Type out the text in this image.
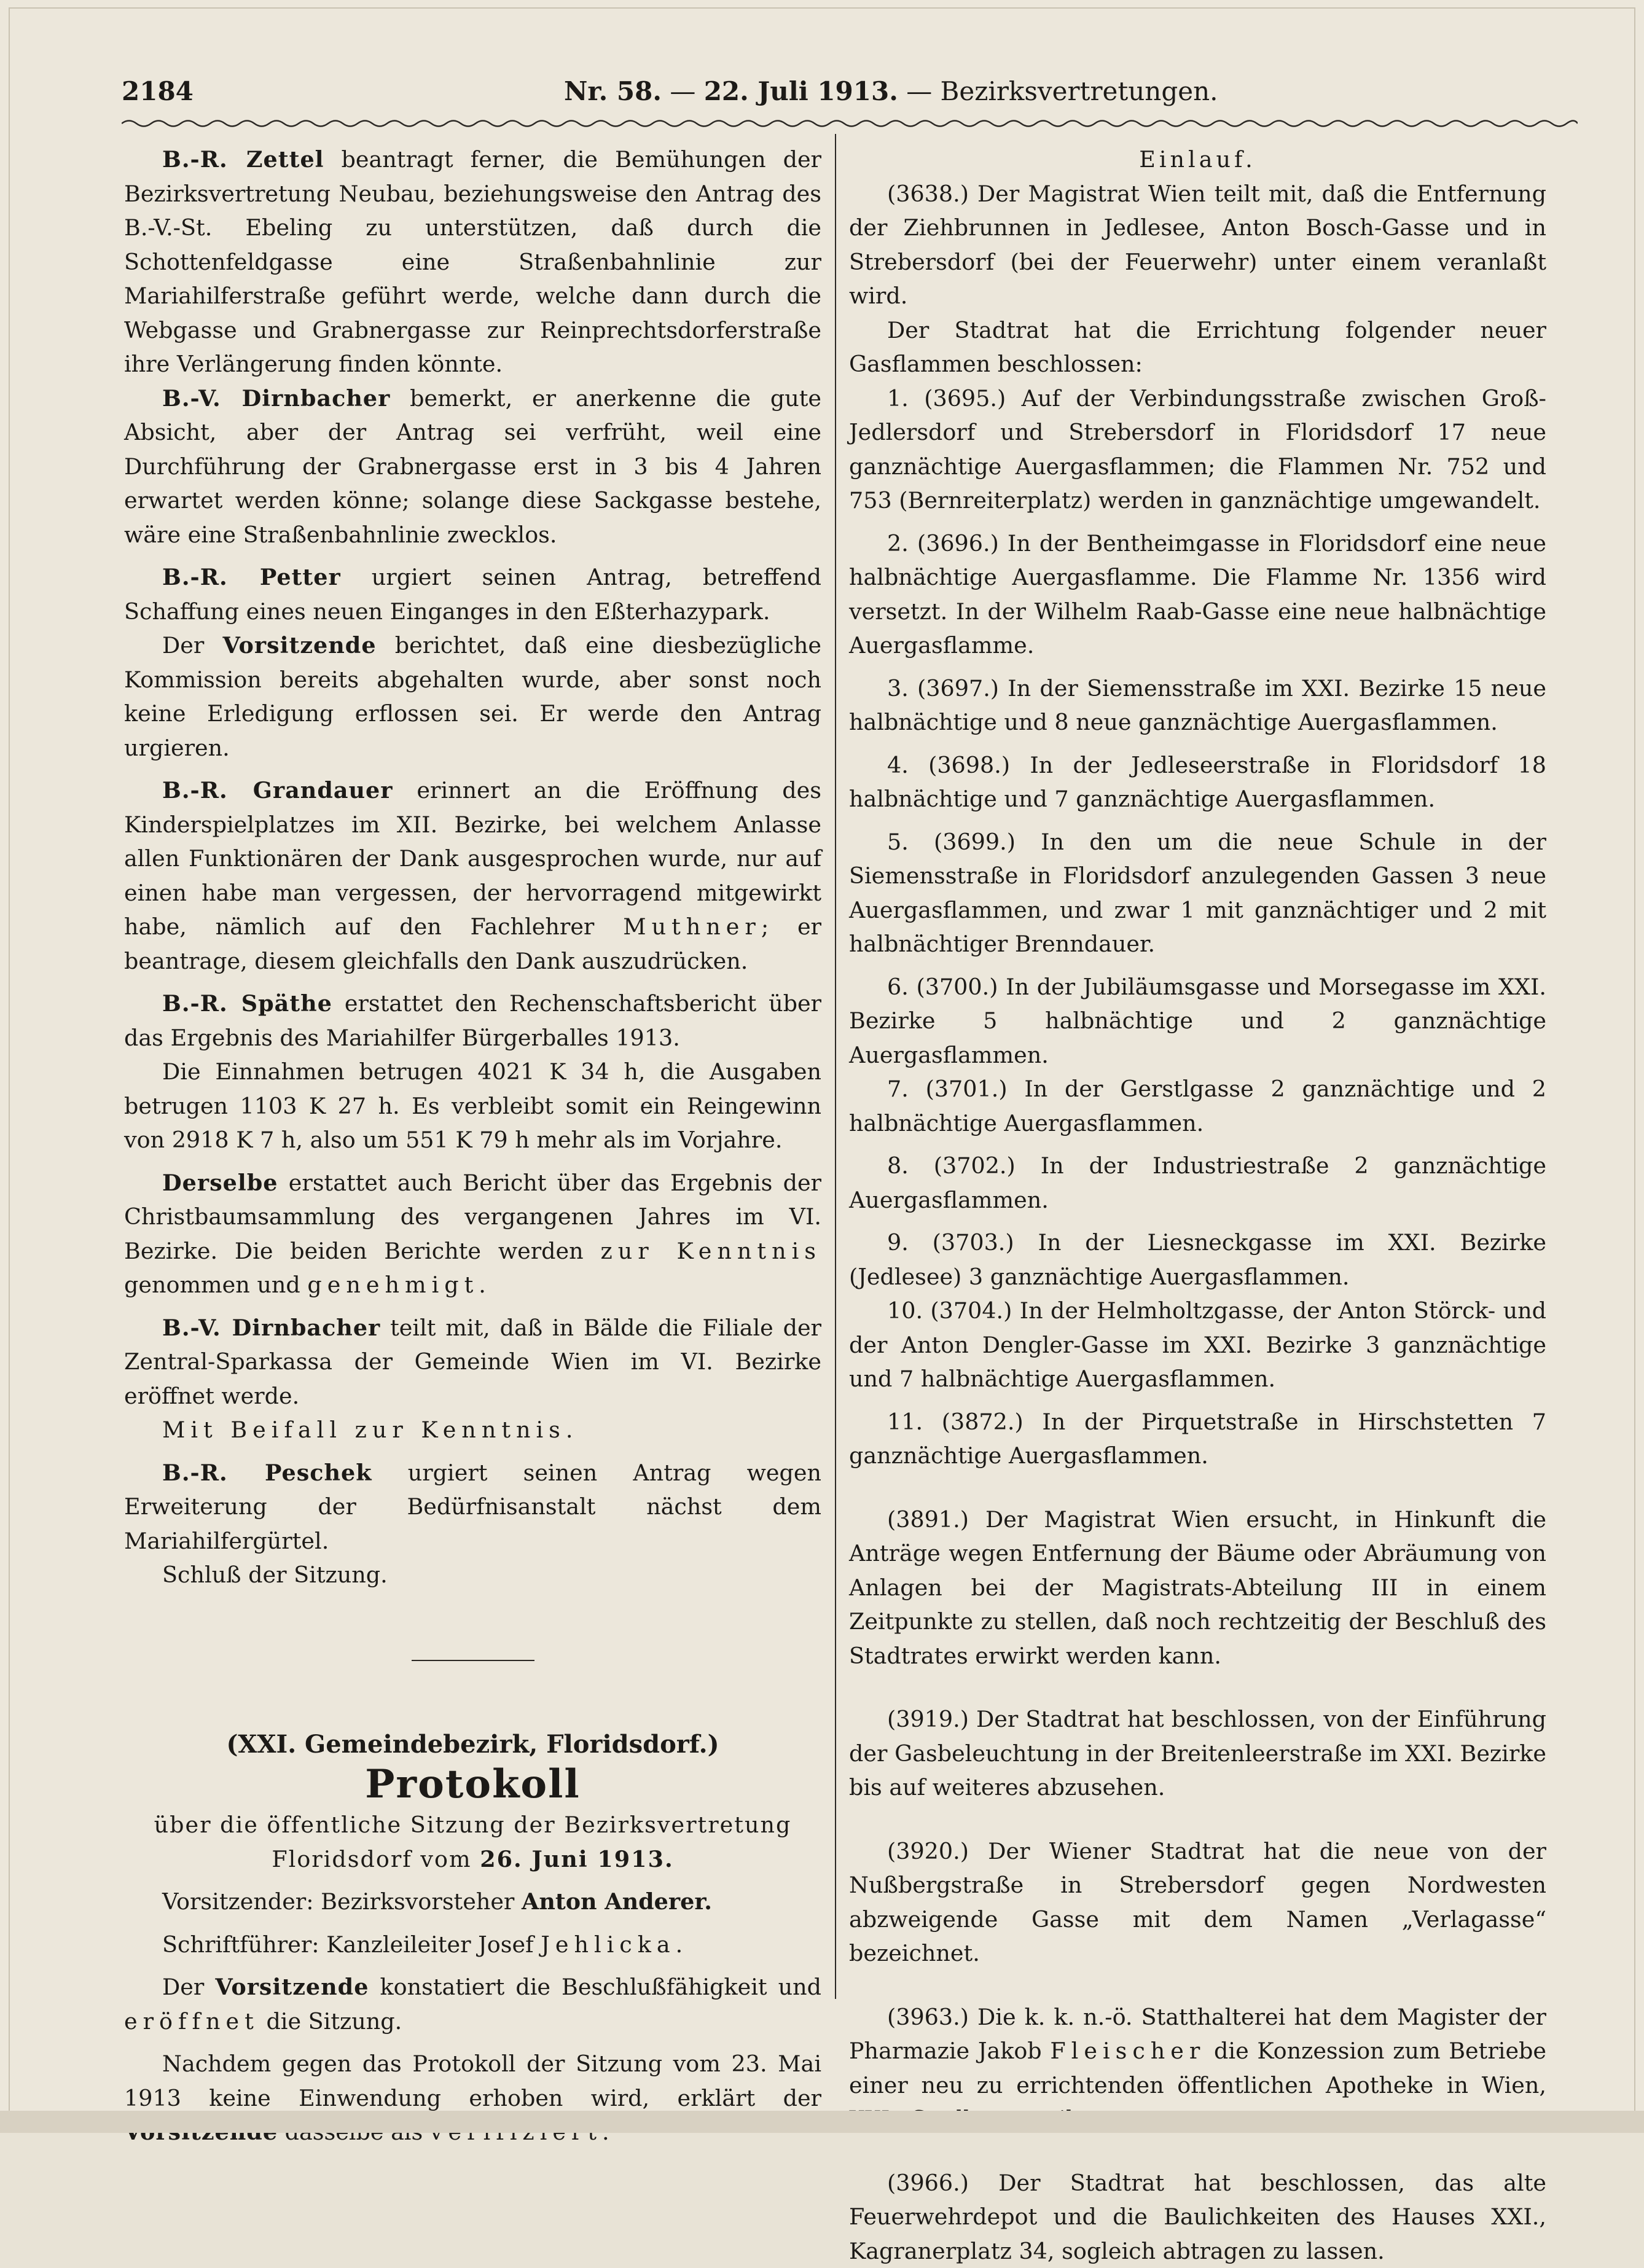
2184	Nr. 58. — 22. Juli 1913. — Bezirksvertretungen.

B.-R. Zettel beantragt ferner, die Bemühungen der Bezirksvertretung Neubau, beziehungsweise den Antrag des B.-V.-St. Ebeling zu unterstützen, daß durch die Schottenfeldgasse eine Straßenbahnlinie zur Mariahilferstraße geführt werde, welche dann durch die Webgasse und Grabnergasse zur Reinprechtsdorferstraße ihre Verlängerung finden könnte.

B.-V. Dirnbacher bemerkt, er anerkenne die gute Absicht, aber der Antrag sei verfrüht, weil eine Durchführung der Grabnergasse erst in 3 bis 4 Jahren erwartet werden könne; solange diese Sackgasse bestehe, wäre eine Straßenbahnlinie zwecklos.

B.-R. Petter urgiert seinen Antrag, betreffend Schaffung eines neuen Einganges in den Eßterhazypark.

Der Vorsitzende berichtet, daß eine diesbezügliche Kommission bereits abgehalten wurde, aber sonst noch keine Erledigung erflossen sei. Er werde den Antrag urgieren.

B.-R. Grandauer erinnert an die Eröffnung des Kinderspielplatzes im XII. Bezirke, bei welchem Anlasse allen Funktionären der Dank ausgesprochen wurde, nur auf einen habe man vergessen, der hervorragend mitgewirkt habe, nämlich auf den Fachlehrer Muthner; er beantrage, diesem gleichfalls den Dank auszudrücken.

B.-R. Späthe erstattet den Rechenschaftsbericht über das Ergebnis des Mariahilfer Bürgerballes 1913.

Die Einnahmen betrugen 4021 K 34 h, die Ausgaben betrugen 1103 K 27 h. Es verbleibt somit ein Reingewinn von 2918 K 7 h, also um 551 K 79 h mehr als im Vorjahre.

Derselbe erstattet auch Bericht über das Ergebnis der Christbaumsammlung des vergangenen Jahres im VI. Bezirke. Die beiden Berichte werden zur Kenntnis genommen und genehmigt.

B.-V. Dirnbacher teilt mit, daß in Bälde die Filiale der Zentral-Sparkassa der Gemeinde Wien im VI. Bezirke eröffnet werde.

Mit Beifall zur Kenntnis.

B.-R. Peschek urgiert seinen Antrag wegen Erweiterung der Bedürfnisanstalt nächst dem Mariahilfergürtel.

Schluß der Sitzung.

(XXI. Gemeindebezirk, Floridsdorf.)

Protokoll

über die öffentliche Sitzung der Bezirksvertretung Floridsdorf vom 26. Juni 1913.

Vorsitzender: Bezirksvorsteher Anton Anderer.

Schriftführer: Kanzleileiter Josef Jehlicka.

Der Vorsitzende konstatiert die Beschlußfähigkeit und eröffnet die Sitzung.

Nachdem gegen das Protokoll der Sitzung vom 23. Mai 1913 keine Einwendung erhoben wird, erklärt der

Einlauf.

(3638.) Der Magistrat Wien teilt mit, daß die Entfernung der Ziehbrunnen in Jedlesee, Anton Bosch-Gasse und in Strebersdorf (bei der Feuerwehr) unter einem veranlaßt wird.

Der Stadtrat hat die Errichtung folgender neuer Gasflammen beschlossen:

1. (3695.) Auf der Verbindungsstraße zwischen Groß-Jedlersdorf und Strebersdorf in Floridsdorf 17 neue ganznächtige Auergasflammen; die Flammen Nr. 752 und 753 (Bernreiterplatz) werden in ganznächtige umgewandelt.

2. (3696.) In der Bentheimgasse in Floridsdorf eine neue halbnächtige Auergasflamme. Die Flamme Nr. 1356 wird versetzt. In der Wilhelm Raab-Gasse eine neue halbnächtige Auergasflamme.

3. (3697.) In der Siemensstraße im XXI. Bezirke 15 neue halbnächtige und 8 neue ganznächtige Auergasflammen.

4. (3698.) In der Jedleseerstraße in Floridsdorf 18 halbnächtige und 7 ganznächtige Auergasflammen.

5. (3699.) In den um die neue Schule in der Siemensstraße in Floridsdorf anzulegenden Gassen 3 neue Auergasflammen, und zwar 1 mit ganznächtiger und 2 mit halbnächtiger Brenndauer.

6. (3700.) In der Jubiläumsgasse und Morsegasse im XXI. Bezirke 5 halbnächtige und 2 ganznächtige Auergasflammen.

7. (3701.) In der Gerstlgasse 2 ganznächtige und 2 halbnächtige Auergasflammen.

8. (3702.) In der Industriestraße 2 ganznächtige Auergasflammen.

9. (3703.) In der Liesneckgasse im XXI. Bezirke (Jedlesee) 3 ganznächtige Auergasflammen.

10. (3704.) In der Helmholtzgasse, der Anton Störck- und der Anton Dengler-Gasse im XXI. Bezirke 3 ganznächtige und 7 halbnächtige Auergasflammen.

11. (3872.) In der Pirquetstraße in Hirschstetten 7 ganznächtige Auergasflammen.

(3891.) Der Magistrat Wien ersucht, in Hinkunft die Anträge wegen Entfernung der Bäume oder Abräumung von Anlagen bei der Magistrats-Abteilung III in einem Zeitpunkte zu stellen, daß noch rechtzeitig der Beschluß des Stadtrates erwirkt werden kann.

(3919.) Der Stadtrat hat beschlossen, von der Einführung der Gasbeleuchtung in der Breitenleerstraße im XXI. Bezirke bis auf weiteres abzusehen.

(3920.) Der Wiener Stadtrat hat die neue von der Nußbergstraße in Strebersdorf gegen Nordwesten abzweigende Gasse mit dem Namen „Verlagasse“ bezeichnet.

(3963.) Die k. k. n.-ö. Statthalterei hat dem Magister der Pharmazie Jakob Fleischer die Konzession zum Betriebe einer neu zu errichtenden öffentlichen Apotheke in Wien,

(3966.) Der Stadtrat hat beschlossen, das alte Feuerwehrdepot und die Baulichkeiten des Hauses XXI., Kagranerplatz 34, sogleich abtragen zu lassen.
